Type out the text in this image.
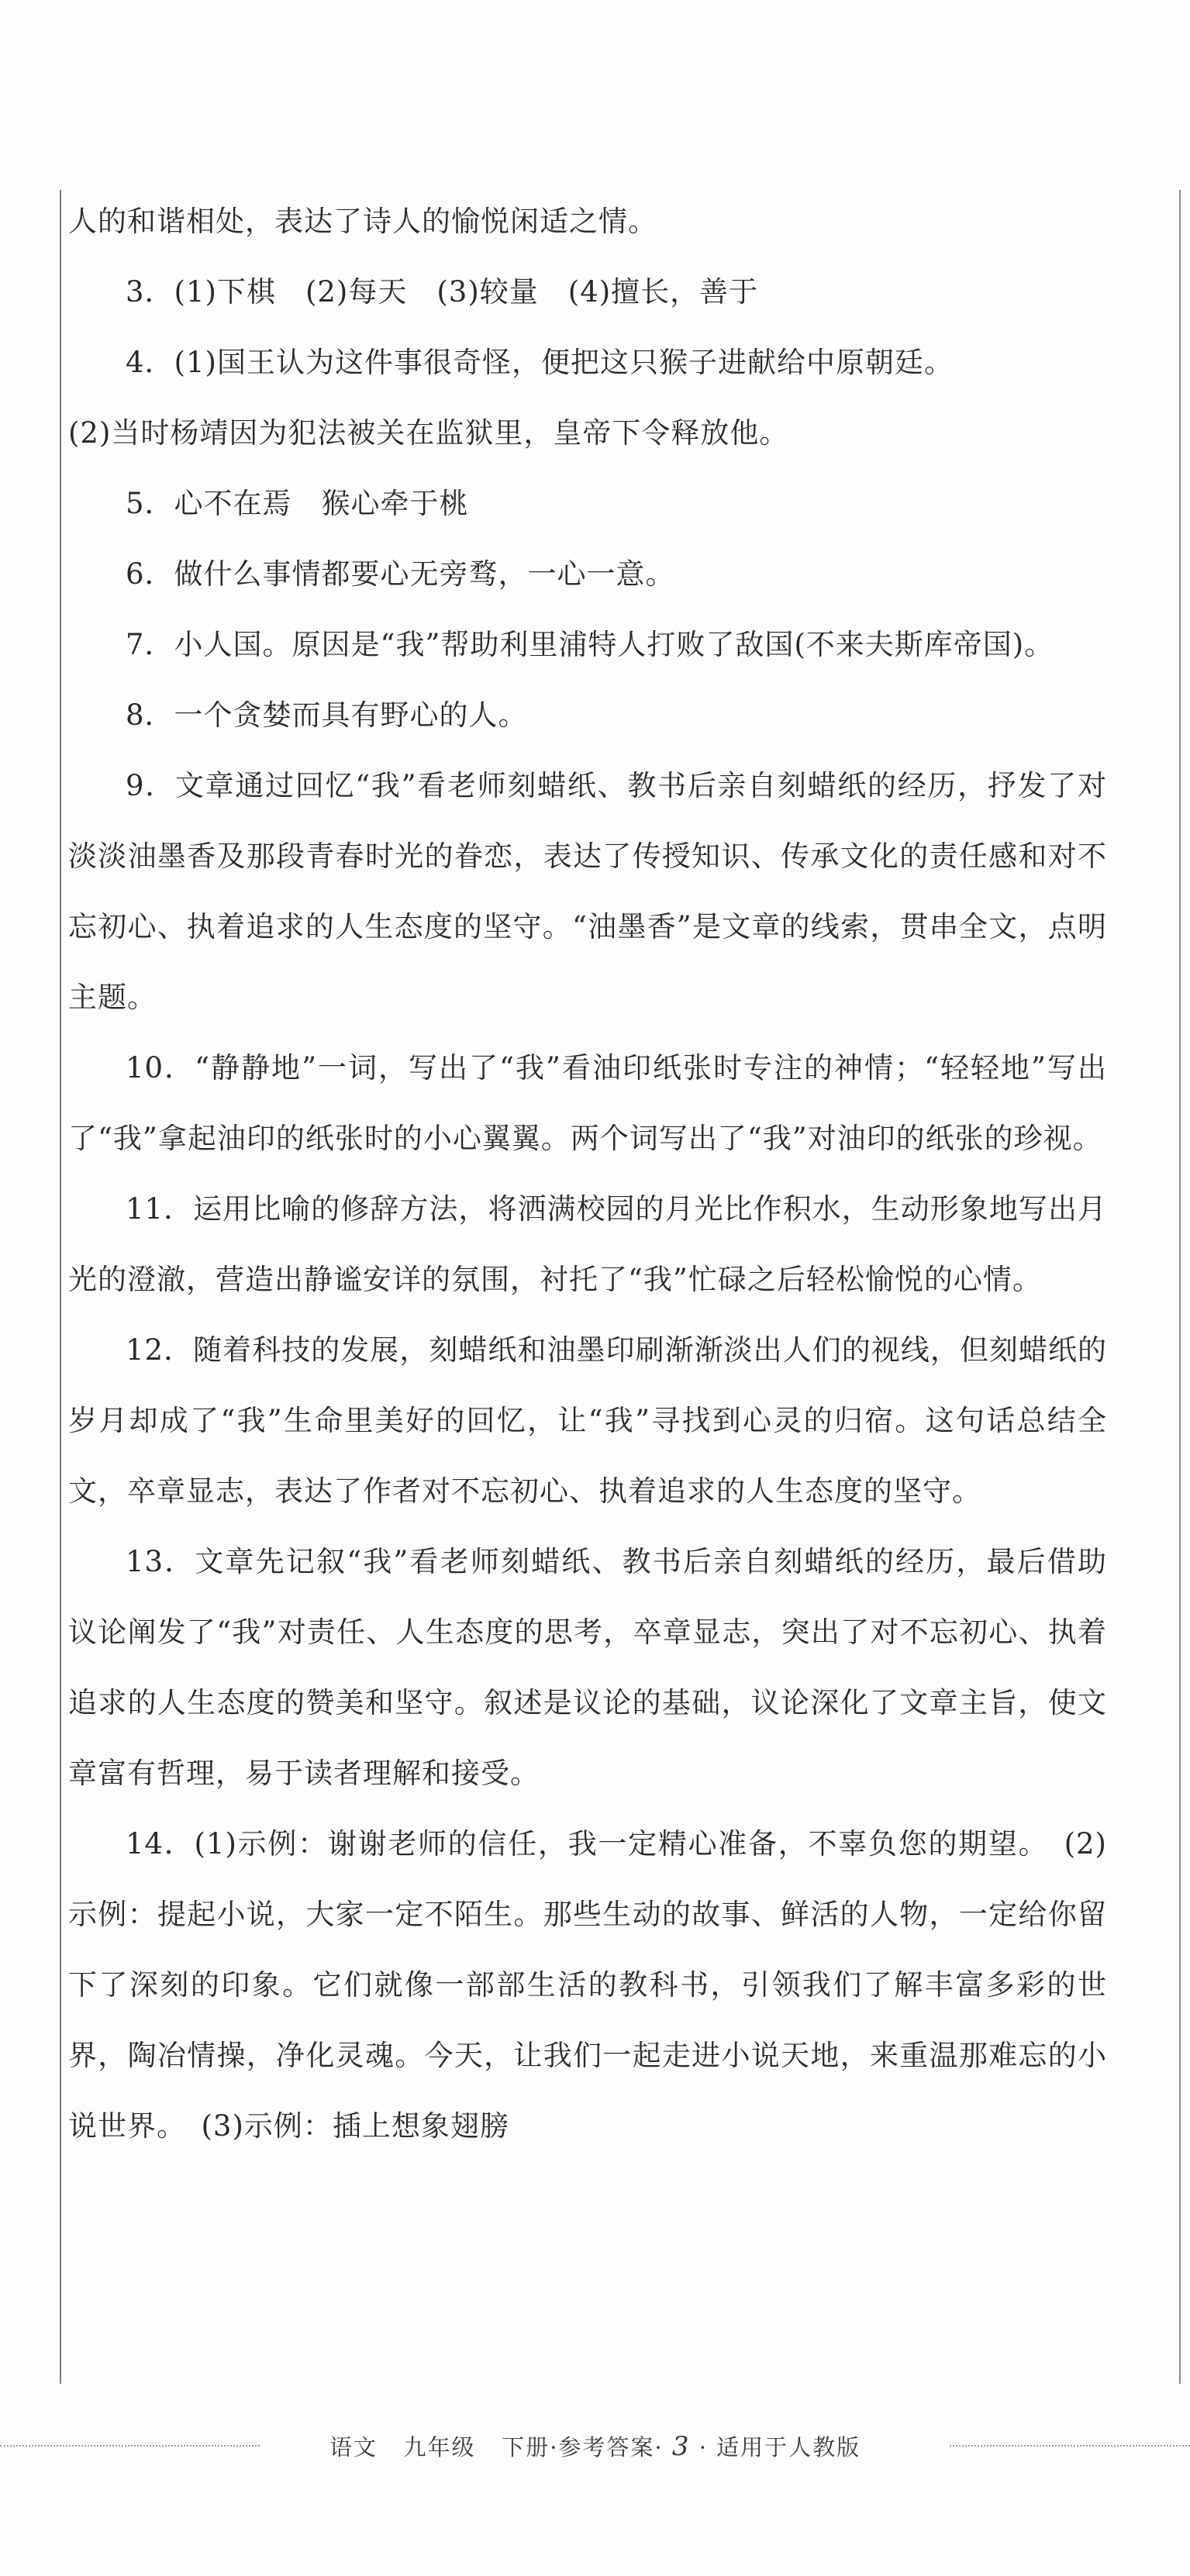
人的和谐相处，表达了诗人的愉悦闲适之情。

3．(1)下棋　(2)每天　(3)较量　(4)擅长，善于

4．(1)国王认为这件事很奇怪，便把这只猴子进献给中原朝廷。

(2)当时杨靖因为犯法被关在监狱里，皇帝下令释放他。

5．心不在焉　猴心牵于桃

6．做什么事情都要心无旁骛，一心一意。

7．小人国。原因是“我”帮助利里浦特人打败了敌国(不来夫斯库帝国)。

8．一个贪婪而具有野心的人。

9．文章通过回忆“我”看老师刻蜡纸、教书后亲自刻蜡纸的经历，抒发了对淡淡油墨香及那段青春时光的眷恋，表达了传授知识、传承文化的责任感和对不忘初心、执着追求的人生态度的坚守。“油墨香”是文章的线索，贯串全文，点明主题。

10．“静静地”一词，写出了“我”看油印纸张时专注的神情；“轻轻地”写出了“我”拿起油印的纸张时的小心翼翼。两个词写出了“我”对油印的纸张的珍视。

11．运用比喻的修辞方法，将洒满校园的月光比作积水，生动形象地写出月光的澄澈，营造出静谧安详的氛围，衬托了“我”忙碌之后轻松愉悦的心情。

12．随着科技的发展，刻蜡纸和油墨印刷渐渐淡出人们的视线，但刻蜡纸的岁月却成了“我”生命里美好的回忆，让“我”寻找到心灵的归宿。这句话总结全文，卒章显志，表达了作者对不忘初心、执着追求的人生态度的坚守。

13．文章先记叙“我”看老师刻蜡纸、教书后亲自刻蜡纸的经历，最后借助议论阐发了“我”对责任、人生态度的思考，卒章显志，突出了对不忘初心、执着追求的人生态度的赞美和坚守。叙述是议论的基础，议论深化了文章主旨，使文章富有哲理，易于读者理解和接受。

14．(1)示例：谢谢老师的信任，我一定精心准备，不辜负您的期望。　(2)示例：提起小说，大家一定不陌生。那些生动的故事、鲜活的人物，一定给你留下了深刻的印象。它们就像一部部生活的教科书，引领我们了解丰富多彩的世界，陶冶情操，净化灵魂。今天，让我们一起走进小说天地，来重温那难忘的小说世界。　(3)示例：插上想象翅膀

语文 九年级 下册·参考答案· 3 · 适用于人教版
